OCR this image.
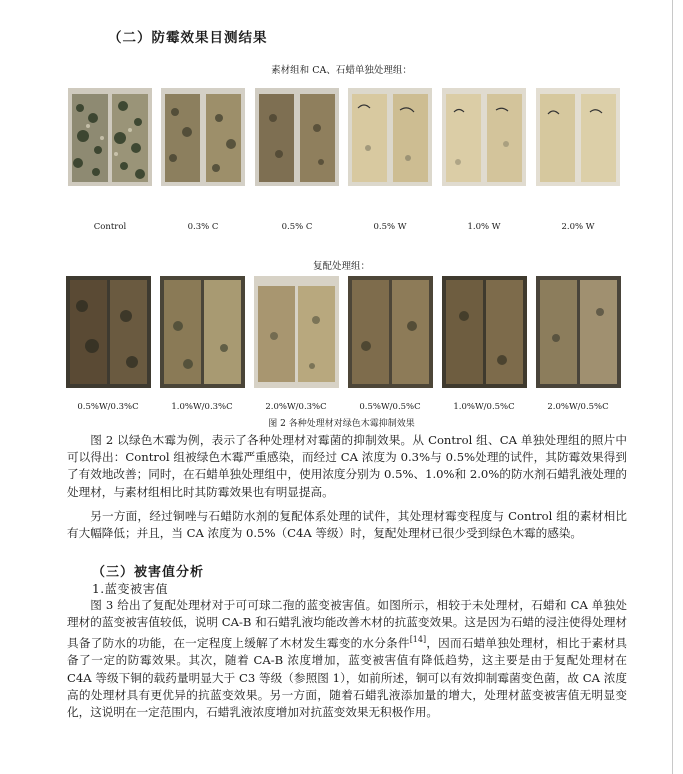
（二）防霉效果目测结果
素材组和 CA、石蜡单独处理组：
Control	0.3% C	0.5% C	0.5% W	1.0% W	2.0% W
复配处理组：
0.5%W/0.3%C	1.0%W/0.3%C	2.0%W/0.3%C	0.5%W/0.5%C	1.0%W/0.5%C	2.0%W/0.5%C
图 2 各种处理材对绿色木霉抑制效果

图 2 以绿色木霉为例，表示了各种处理材对霉菌的抑制效果。从 Control 组、CA 单独处理组的照片中可以得出：Control 组被绿色木霉严重感染，而经过 CA 浓度为 0.3%与 0.5%处理的试件，其防霉效果得到了有效地改善；同时，在石蜡单独处理组中，使用浓度分别为 0.5%、1.0%和 2.0%的防水剂石蜡乳液处理的处理材，与素材组相比时其防霉效果也有明显提高。

另一方面，经过铜唑与石蜡防水剂的复配体系处理的试件，其处理材霉变程度与 Control 组的素材相比有大幅降低；并且，当 CA 浓度为 0.5%（C4A 等级）时，复配处理材已很少受到绿色木霉的感染。

（三）被害值分析
1.蓝变被害值

图 3 给出了复配处理材对于可可球二孢的蓝变被害值。如图所示，相较于未处理材，石蜡和 CA 单独处理材的蓝变被害值较低，说明 CA-B 和石蜡乳液均能改善木材的抗蓝变效果。这是因为石蜡的浸注使得处理材具备了防水的功能，在一定程度上缓解了木材发生霉变的水分条件[14]，因而石蜡单独处理材，相比于素材具备了一定的防霉效果。其次，随着 CA-B 浓度增加，蓝变被害值有降低趋势，这主要是由于复配处理材在 C4A 等级下铜的载药量明显大于 C3 等级（参照图 1），如前所述，铜可以有效抑制霉菌变色菌，故 CA 浓度高的处理材具有更优异的抗蓝变效果。另一方面，随着石蜡乳液添加量的增大，处理材蓝变被害值无明显变化，这说明在一定范围内，石蜡乳液浓度增加对抗蓝变效果无积极作用。
